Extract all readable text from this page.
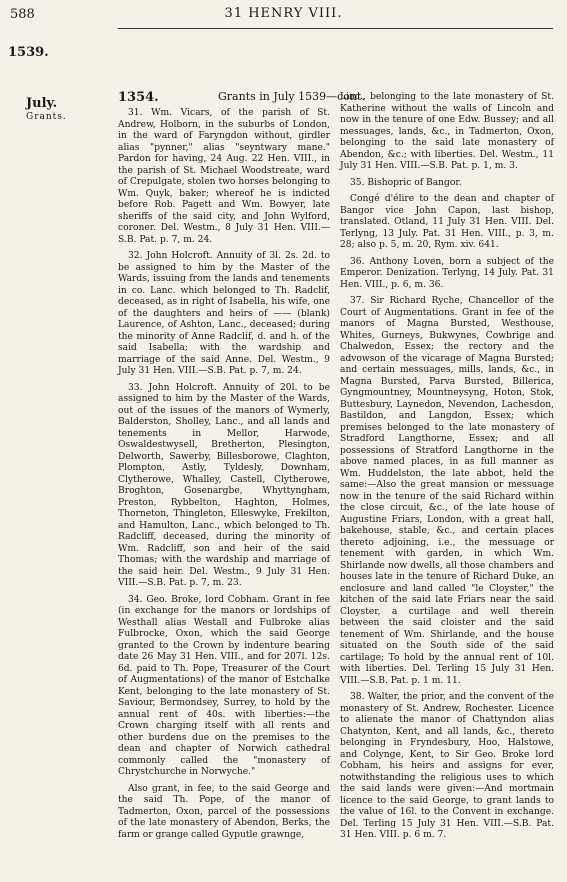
588	31 HENRY VIII.
1539.
July.
Grants.
1354.	Grants in July 1539—cont.

31. Wm. Vicars, of the parish of St. Andrew, Holborn, in the suburbs of London, in the ward of Faryngdon without, girdler alias "pynner," alias "seyntwary mane." Pardon for having, 24 Aug. 22 Hen. VIII., in the parish of St. Michael Woodstreate, ward of Crepulgate, stolen two horses belonging to Wm. Quyk, baker; whereof he is indicted before Rob. Pagett and Wm. Bowyer, late sheriffs of the said city, and John Wylford, coroner. Del. Westm., 8 July 31 Hen. VIII.—S.B. Pat. p. 7, m. 24.

32. John Holcroft. Annuity of 3l. 2s. 2d. to be assigned to him by the Master of the Wards, issuing from the lands and tenements in co. Lanc. which belonged to Th. Radclif, deceased, as in right of Isabella, his wife, one of the daughters and heirs of —— (blank) Laurence, of Ashton, Lanc., deceased; during the minority of Anne Radclif, d. and h. of the said Isabella; with the wardship and marriage of the said Anne. Del. Westm., 9 July 31 Hen. VIII.—S.B. Pat. p. 7, m. 24.

33. John Holcroft. Annuity of 20l. to be assigned to him by the Master of the Wards, out of the issues of the manors of Wymerly, Balderston, Sholley, Lanc., and all lands and tenements in Mellor, Harwode, Oswaldestwysell, Bretherton, Plesington, Delworth, Sawerby, Billesborowe, Claghton, Plompton, Astly, Tyldesly, Downham, Clytherowe, Whalley, Castell, Clytherowe, Broghton, Gosenargbe, Whyttyngham, Preston, Rybbelton, Haghton, Holmes, Thorneton, Thingleton, Elleswyke, Frekilton, and Hamulton, Lanc., which belonged to Th. Radcliff, deceased, during the minority of Wm. Radcliff, son and heir of the said Thomas; with the wardship and marriage of the said heir. Del. Westm., 9 July 31 Hen. VIII.—S.B. Pat. p. 7, m. 23.

34. Geo. Broke, lord Cobham. Grant in fee (in exchange for the manors or lordships of Westhall alias Westall and Fulbroke alias Fulbrocke, Oxon, which the said George granted to the Crown by indenture bearing date 26 May 31 Hen. VIII., and for 207l. 12s. 6d. paid to Th. Pope, Treasurer of the Court of Augmentations) of the manor of Estchalke Kent, belonging to the late monastery of St. Saviour, Bermondsey, Surrey, to hold by the annual rent of 40s. with liberties:—the Crown charging itself with all rents and other burdens due on the premises to the dean and chapter of Norwich cathedral commonly called the "monastery of Chrystchurche in Norwyche."

Also grant, in fee, to the said George and the said Th. Pope, of the manor of Tadmerton, Oxon, parcel of the possessions of the late monastery of Abendon, Berks, the farm or grange called Gyputle grawnge,

Linc., belonging to the late monastery of St. Katherine without the walls of Lincoln and now in the tenure of one Edw. Bussey; and all messuages, lands, &c., in Tadmerton, Oxon, belonging to the said late monastery of Abendon, &c.; with liberties. Del. Westm., 11 July 31 Hen. VIII.—S.B. Pat. p. 1, m. 3.

35. Bishopric of Bangor.

Congé d'élire to the dean and chapter of Bangor vice John Capon, last bishop, translated. Otland, 11 July 31 Hen. VIII. Del. Terlyng, 13 July. Pat. 31 Hen. VIII., p. 3, m. 28; also p. 5, m. 20, Rym. xiv. 641.

36. Anthony Loven, born a subject of the Emperor. Denization. Terlyng, 14 July. Pat. 31 Hen. VIII., p. 6, m. 36.

37. Sir Richard Ryche, Chancellor of the Court of Augmentations. Grant in fee of the manors of Magna Bursted, Westhouse, Whites, Gurneys, Bukwynes, Cowbrige and Chalwedon, Essex; the rectory and the advowson of the vicarage of Magna Bursted; and certain messuages, mills, lands, &c., in Magna Bursted, Parva Bursted, Billerica, Gyngmountney, Mountneysyng, Hoton, Stok, Buttesbury, Laynedon, Nevendon, Lachesdon, Bastildon, and Langdon, Essex; which premises belonged to the late monastery of Stradford Langthorne, Essex; and all possessions of Stratford Langthorne in the above named places, in as full manner as Wm. Huddelston, the late abbot, held the same:—Also the great mansion or messuage now in the tenure of the said Richard within the close circuit, &c., of the late house of Augustine Friars, London, with a great hall, bakehouse, stable, &c., and certain places thereto adjoining, i.e., the messuage or tenement with garden, in which Wm. Shirlande now dwells, all those chambers and houses late in the tenure of Richard Duke, an enclosure and land called "le Cloyster," the kitchen of the said late Friars near the said Cloyster, a curtilage and well therein between the said cloister and the said tenement of Wm. Shirlande, and the house situated on the South side of the said cartilage; To hold by the annual rent of 10l. with liberties. Del. Terling 15 July 31 Hen. VIII.—S.B. Pat. p. 1 m. 11.

38. Walter, the prior, and the convent of the monastery of St. Andrew, Rochester. Licence to alienate the manor of Chattyndon alias Chatynton, Kent, and all lands, &c., thereto belonging in Fryndesbury, Hoo, Halstowe, and Colynge, Kent, to Sir Geo. Broke lord Cobham, his heirs and assigns for ever, notwithstanding the religious uses to which the said lands were given:—And mortmain licence to the said George, to grant lands to the value of 16l. to the Convent in exchange. Del. Terling 15 July 31 Hen. VIII.—S.B. Pat. 31 Hen. VIII. p. 6 m. 7.
